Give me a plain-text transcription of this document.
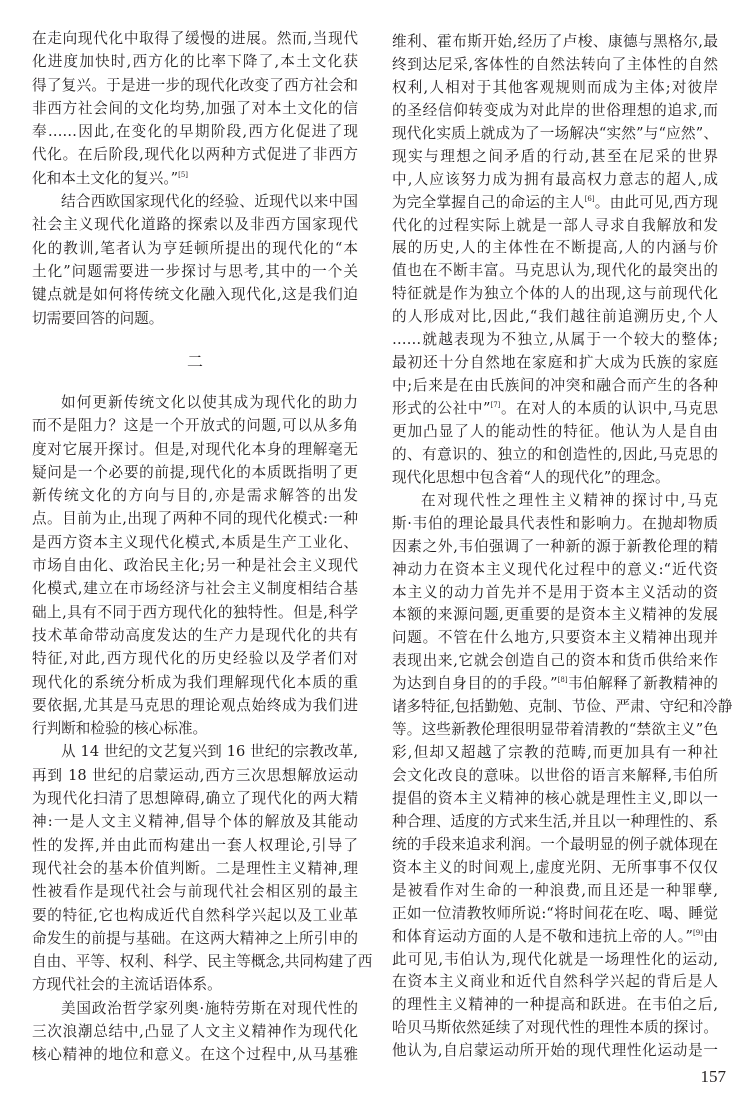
在走向现代化中取得了缓慢的进展。然而,当现代
化进度加快时,西方化的比率下降了,本土文化获
得了复兴。于是进一步的现代化改变了西方社会和
非西方社会间的文化均势,加强了对本土文化的信
奉……因此,在变化的早期阶段,西方化促进了现
代化。在后阶段,现代化以两种方式促进了非西方
化和本土文化的复兴。”[5]
结合西欧国家现代化的经验、近现代以来中国
社会主义现代化道路的探索以及非西方国家现代
化的教训,笔者认为亨廷顿所提出的现代化的“本
土化”问题需要进一步探讨与思考,其中的一个关
键点就是如何将传统文化融入现代化,这是我们迫
切需要回答的问题。
二
如何更新传统文化以使其成为现代化的助力
而不是阻力？这是一个开放式的问题,可以从多角
度对它展开探讨。但是,对现代化本身的理解毫无
疑问是一个必要的前提,现代化的本质既指明了更
新传统文化的方向与目的,亦是需求解答的出发
点。目前为止,出现了两种不同的现代化模式:一种
是西方资本主义现代化模式,本质是生产工业化、
市场自由化、政治民主化;另一种是社会主义现代
化模式,建立在市场经济与社会主义制度相结合基
础上,具有不同于西方现代化的独特性。但是,科学
技术革命带动高度发达的生产力是现代化的共有
特征,对此,西方现代化的历史经验以及学者们对
现代化的系统分析成为我们理解现代化本质的重
要依据,尤其是马克思的理论观点始终成为我们进
行判断和检验的核心标准。
从 14 世纪的文艺复兴到 16 世纪的宗教改革,
再到 18 世纪的启蒙运动,西方三次思想解放运动
为现代化扫清了思想障碍,确立了现代化的两大精
神:一是人文主义精神,倡导个体的解放及其能动
性的发挥,并由此而构建出一套人权理论,引导了
现代社会的基本价值判断。二是理性主义精神,理
性被看作是现代社会与前现代社会相区别的最主
要的特征,它也构成近代自然科学兴起以及工业革
命发生的前提与基础。在这两大精神之上所引申的
自由、平等、权利、科学、民主等概念,共同构建了西
方现代社会的主流话语体系。
美国政治哲学家列奥·施特劳斯在对现代性的
三次浪潮总结中,凸显了人文主义精神作为现代化
核心精神的地位和意义。在这个过程中,从马基雅
维利、霍布斯开始,经历了卢梭、康德与黑格尔,最
终到达尼采,客体性的自然法转向了主体性的自然
权利,人相对于其他客观规则而成为主体;对彼岸
的圣经信仰转变成为对此岸的世俗理想的追求,而
现代化实质上就成为了一场解决“实然”与“应然”、
现实与理想之间矛盾的行动,甚至在尼采的世界
中,人应该努力成为拥有最高权力意志的超人,成
为完全掌握自己的命运的主人[6]。由此可见,西方现
代化的过程实际上就是一部人寻求自我解放和发
展的历史,人的主体性在不断提高,人的内涵与价
值也在不断丰富。马克思认为,现代化的最突出的
特征就是作为独立个体的人的出现,这与前现代化
的人形成对比,因此,“我们越往前追溯历史,个人
……就越表现为不独立,从属于一个较大的整体;
最初还十分自然地在家庭和扩大成为氏族的家庭
中;后来是在由氏族间的冲突和融合而产生的各种
形式的公社中”[7]。在对人的本质的认识中,马克思
更加凸显了人的能动性的特征。他认为人是自由
的、有意识的、独立的和创造性的,因此,马克思的
现代化思想中包含着“人的现代化”的理念。
在对现代性之理性主义精神的探讨中,马克
斯·韦伯的理论最具代表性和影响力。在抛却物质
因素之外,韦伯强调了一种新的源于新教伦理的精
神动力在资本主义现代化过程中的意义:“近代资
本主义的动力首先并不是用于资本主义活动的资
本额的来源问题,更重要的是资本主义精神的发展
问题。不管在什么地方,只要资本主义精神出现并
表现出来,它就会创造自己的资本和货币供给来作
为达到自身目的的手段。”[8]韦伯解释了新教精神的
诸多特征,包括勤勉、克制、节俭、严肃、守纪和冷静
等。这些新教伦理很明显带着清教的“禁欲主义”色
彩,但却又超越了宗教的范畴,而更加具有一种社
会文化改良的意味。以世俗的语言来解释,韦伯所
提倡的资本主义精神的核心就是理性主义,即以一
种合理、适度的方式来生活,并且以一种理性的、系
统的手段来追求利润。一个最明显的例子就体现在
资本主义的时间观上,虚度光阴、无所事事不仅仅
是被看作对生命的一种浪费,而且还是一种罪孽,
正如一位清教牧师所说:“将时间花在吃、喝、睡觉
和体育运动方面的人是不敬和违抗上帝的人。”[9]由
此可见,韦伯认为,现代化就是一场理性化的运动,
在资本主义商业和近代自然科学兴起的背后是人
的理性主义精神的一种提高和跃进。在韦伯之后,
哈贝马斯依然延续了对现代性的理性本质的探讨。
他认为,自启蒙运动所开始的现代理性化运动是一
157
